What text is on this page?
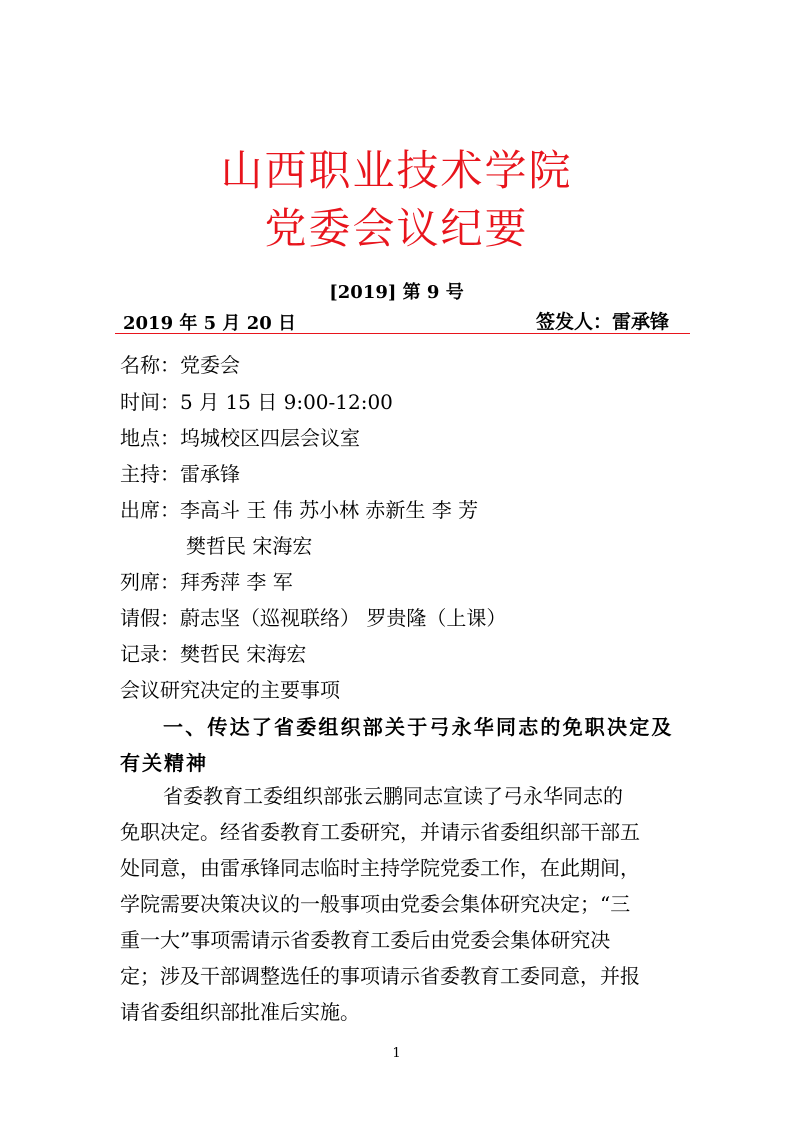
山西职业技术学院
党委会议纪要
[2019] 第 9 号
2019 年 5 月 20 日	签发人：雷承锋
名称：党委会
时间：5 月 15 日 9:00-12:00
地点：坞城校区四层会议室
主持：雷承锋
出席：李高斗 王 伟 苏小林 赤新生 李 芳
樊哲民 宋海宏
列席：拜秀萍 李 军
请假：蔚志坚（巡视联络） 罗贵隆（上课）
记录：樊哲民 宋海宏
会议研究决定的主要事项
一、传达了省委组织部关于弓永华同志的免职决定及
有关精神
省委教育工委组织部张云鹏同志宣读了弓永华同志的
免职决定。经省委教育工委研究，并请示省委组织部干部五
处同意，由雷承锋同志临时主持学院党委工作，在此期间，
学院需要决策决议的一般事项由党委会集体研究决定；“三
重一大”事项需请示省委教育工委后由党委会集体研究决
定；涉及干部调整选任的事项请示省委教育工委同意，并报
请省委组织部批准后实施。
1
